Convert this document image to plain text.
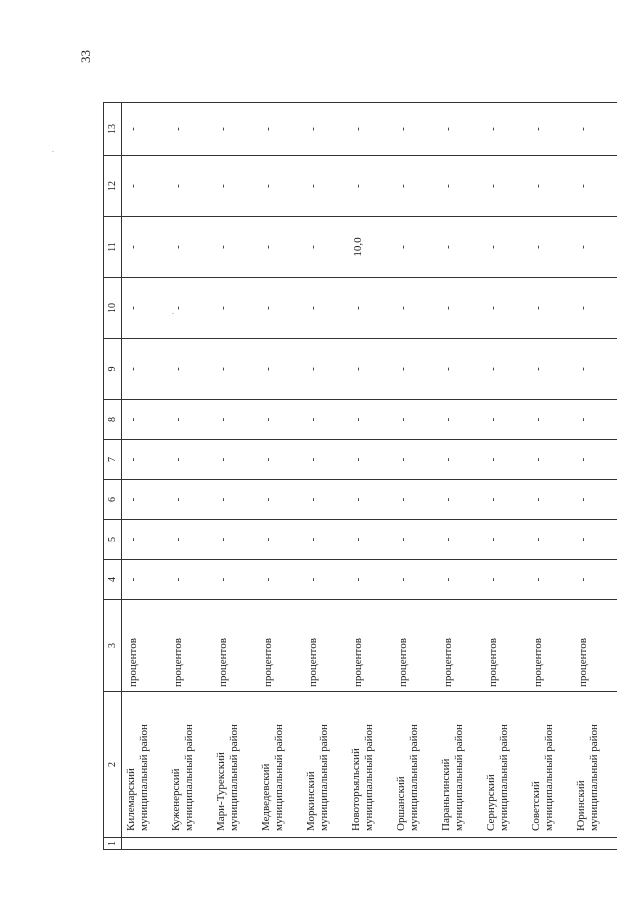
33
1	2	3	4	5	6	7	8	9	10	11	12	13

	Килемарский муниципальный район	процентов	-	-	-	-	-	-	-	-	-	-

	Куженерский муниципальный район	процентов	-	-	-	-	-	-	-	-	-	-

	Мари-Турекский муниципальный район	процентов	-	-	-	-	-	-	-	-	-	-

	Медведевский муниципальный район	процентов	-	-	-	-	-	-	-	-	-	-

	Моркинский муниципальный район	процентов	-	-	-	-	-	-	-	-	-	-

	Новоторъяльский муниципальный район	процентов	-	-	-	-	-	-	-	10,0	-	-

	Оршанский муниципальный район	процентов	-	-	-	-	-	-	-	-	-	-

	Параньгинский муниципальный район	процентов	-	-	-	-	-	-	-	-	-	-

	Сернурский муниципальный район	процентов	-	-	-	-	-	-	-	-	-	-

	Советский муниципальный район	процентов	-	-	-	-	-	-	-	-	-	-

	Юринский муниципальный район	процентов	-	-	-	-	-	-	-	-	-	-
·
·
